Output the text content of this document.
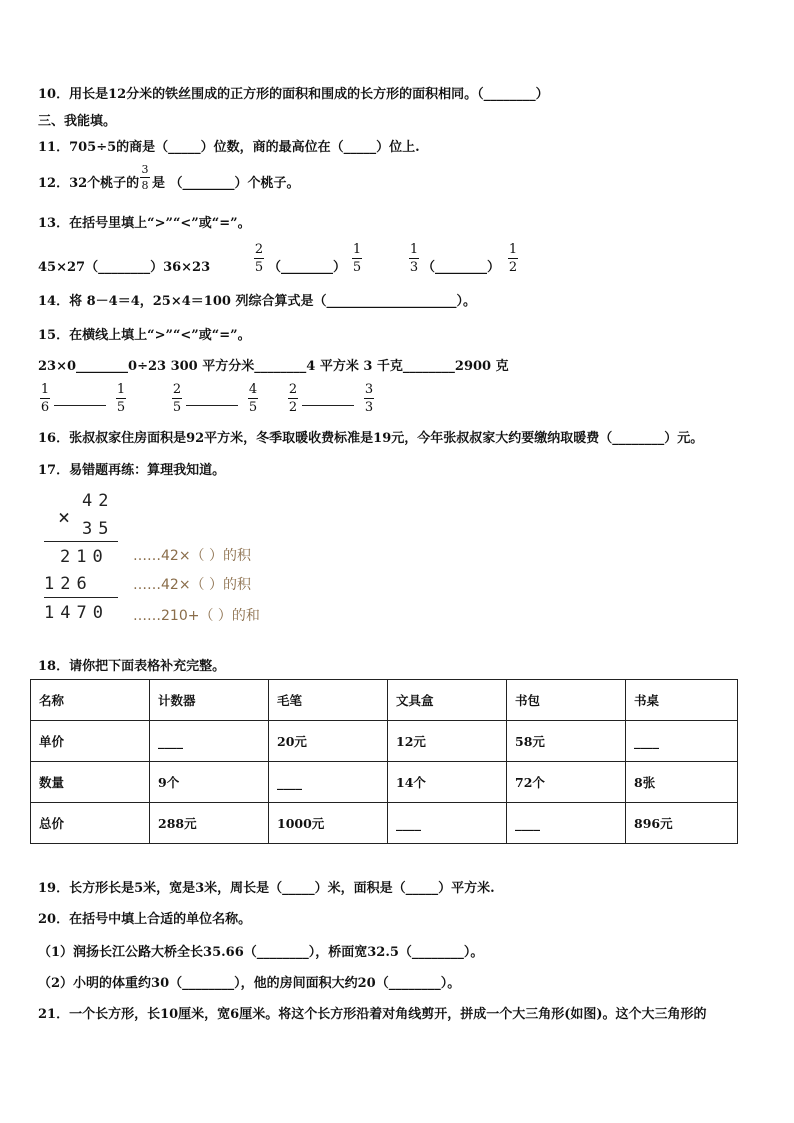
10．用长是12分米的铁丝围成的正方形的面积和围成的长方形的面积相同。（________）
三、我能填。
11．705÷5的商是（_____）位数，商的最高位在（_____）位上.
12．32个桃子的
3
8 是 （________）个桃子。
13．在括号里填上“>”“<”或“=”。
45×27（________）36×23
2
5 （________）
1
5
1
3 （________）
1
2
14．将 8－4＝4，25×4＝100 列综合算式是（____________________）。
15．在横线上填上“>”“<”或“=”。
23×0________0÷23 300 平方分米________4 平方米 3 千克________2900 克
1
6
1
5
2
5
4
5
2
2
3
3
16．张叔叔家住房面积是92平方米，冬季取暖收费标准是19元，今年张叔叔家大约要缴纳取暖费（________）元。
17．易错题再练：算理我知道。
×
42
35
210
126
1470
……42×（ ）的积
……42×（ ）的积
……210+（ ）的和
18．请你把下面表格补充完整。
名称	计数器	毛笔	文具盒	书包	书桌
单价	____	20元	12元	58元	____
数量	9个	____	14个	72个	8张
总价	288元	1000元	____	____	896元
19．长方形长是5米，宽是3米，周长是（_____）米，面积是（_____）平方米.
20．在括号中填上合适的单位名称。
（1）润扬长江公路大桥全长35.66（________），桥面宽32.5（________）。
（2）小明的体重约30（________），他的房间面积大约20（________）。
21．一个长方形，长10厘米，宽6厘米。将这个长方形沿着对角线剪开，拼成一个大三角形(如图)。这个大三角形的
